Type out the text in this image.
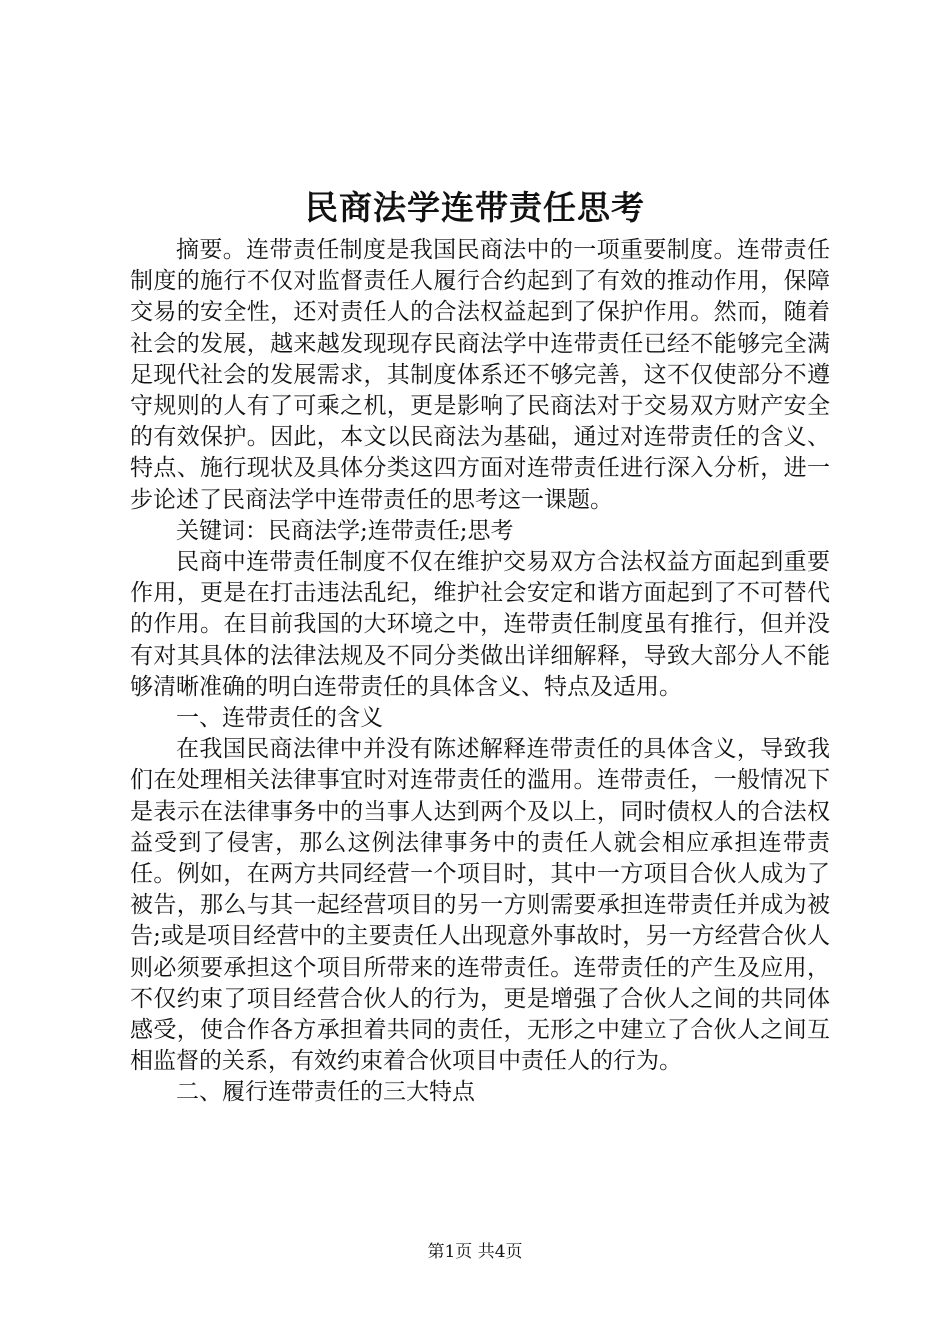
民商法学连带责任思考

摘要。连带责任制度是我国民商法中的一项重要制度。连带责任制度的施行不仅对监督责任人履行合约起到了有效的推动作用，保障交易的安全性，还对责任人的合法权益起到了保护作用。然而，随着社会的发展，越来越发现现存民商法学中连带责任已经不能够完全满足现代社会的发展需求，其制度体系还不够完善，这不仅使部分不遵守规则的人有了可乘之机，更是影响了民商法对于交易双方财产安全的有效保护。因此，本文以民商法为基础，通过对连带责任的含义、特点、施行现状及具体分类这四方面对连带责任进行深入分析，进一步论述了民商法学中连带责任的思考这一课题。

关键词：民商法学;连带责任;思考

民商中连带责任制度不仅在维护交易双方合法权益方面起到重要作用，更是在打击违法乱纪，维护社会安定和谐方面起到了不可替代的作用。在目前我国的大环境之中，连带责任制度虽有推行，但并没有对其具体的法律法规及不同分类做出详细解释，导致大部分人不能够清晰准确的明白连带责任的具体含义、特点及适用。

一、连带责任的含义

在我国民商法律中并没有陈述解释连带责任的具体含义，导致我们在处理相关法律事宜时对连带责任的滥用。连带责任，一般情况下是表示在法律事务中的当事人达到两个及以上，同时债权人的合法权益受到了侵害，那么这例法律事务中的责任人就会相应承担连带责任。例如，在两方共同经营一个项目时，其中一方项目合伙人成为了被告，那么与其一起经营项目的另一方则需要承担连带责任并成为被告;或是项目经营中的主要责任人出现意外事故时，另一方经营合伙人则必须要承担这个项目所带来的连带责任。连带责任的产生及应用，不仅约束了项目经营合伙人的行为，更是增强了合伙人之间的共同体感受，使合作各方承担着共同的责任，无形之中建立了合伙人之间互相监督的关系，有效约束着合伙项目中责任人的行为。

二、履行连带责任的三大特点

第1页 共4页
